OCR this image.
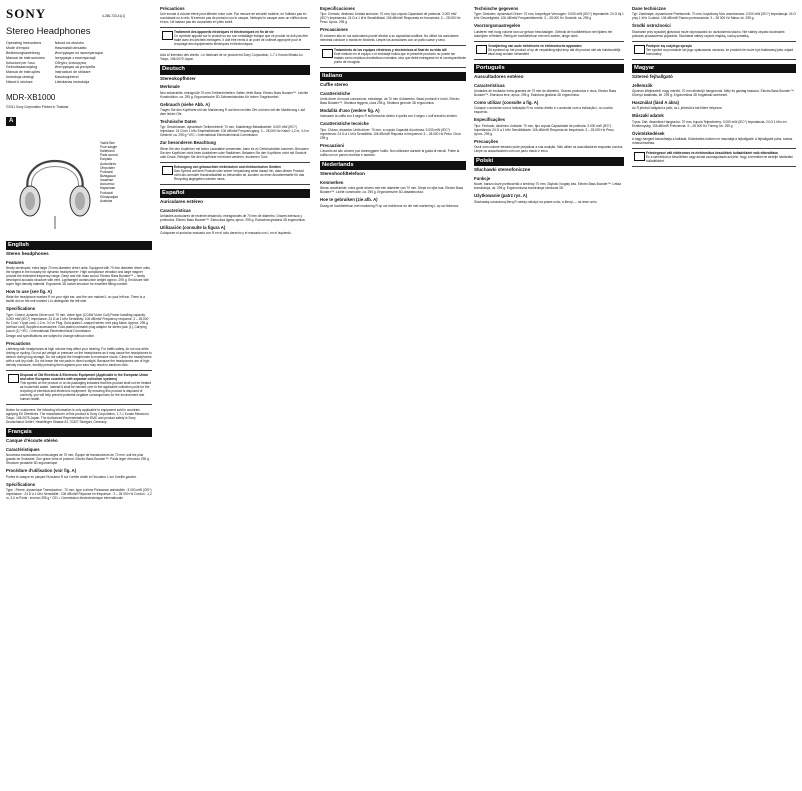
SONY	4-266-733-41(1)
Stereo Headphones
Operating Instructions
Mode d'emploi
Bedienungsanleitung
Manual de instrucciones
Istruzioni per l'uso
Gebruiksaanwijzing
Manual de instruções
Instrukcja obsługi
Návod k obsluze
Návod na obsluhu
Használati útmutató
Инструкция по эксплуатации
Інструкція з експлуатації
Οδηγίες λειτουργίας
Инструкция за употреба
Instrucțiuni de utilizare
Kasutusjuhend
Lietošanas instrukcija
MDR-XB1000
©2011 Sony Corporation Printed in Thailand
A
Yazlık Bez
Pour sangle
Halteband
Pads acoust.
Earpads
Auriculares
Ohrpolster
Poduszki
Вкладыши
Чашечки
Ακουστικό
Наушники
Poduszki
Kõrvapadjad
Austiņas
English
Stereo headphones
Features

Newly developed, extra large 70 mm diameter driver units. Equipped with 70 mm diameter driver units, the largest in the industry for dynamic headphones*. High compliance vibration and large magnet provide the extended frequency range. Deep and rich bass sound. Electro Bass Booster™ – newly developed acoustic structure with vent. Lightweight construction weight approx. 295 g. Enclosure with super high-density material. Ergonomic 3D swivel structure for excellent fitting comfort.

How to use (see fig. A)

Wear the headphone marked R on your right ear, and the one marked L on your left ear. There is a tactile dot on the unit marked L to distinguish the left side.

Specifications

Type: Closed, dynamic Driver unit: 70 mm, dome type (CCAW Voice Coil) Power handling capacity: 3,000 mW (IEC*) Impedance: 24 Ω at 1 kHz Sensitivity: 106 dB/mW Frequency response: 3 – 28,000 Hz Cord: Y-type cord, 1.2 m, 3.0 m Plug: Gold-plated L-shaped stereo mini plug Mass: Approx. 295 g (without cord) Supplied accessories: Gold-plated unimatch plug adaptor for stereo jack (1), Carrying pouch (1) * IEC = International Electrotechnical Commission

Design and specifications are subject to change without notice.

Precautions

Listening with headphones at high volume may affect your hearing. For traffic safety, do not use while driving or cycling. Do not put weight or pressure on the headphones as it may cause the headphones to deform during long storage. Do not subject the headphones to excessive shock. Clean the headphones with a soft dry cloth. Do not leave the ear pads in direct sunlight. Because the headphones are of high density enclosure, forcibly pressing them against your ears may result in eardrum click.

Disposal of Old Electrical & Electronic Equipment (Applicable in the European Union and other European countries with separate collection systems)

This symbol on the product or on its packaging indicates that this product shall not be treated as household waste. Instead it shall be handed over to the applicable collection point for the recycling of electrical and electronic equipment. By ensuring this product is disposed of correctly, you will help prevent potential negative consequences for the environment and human health.

Notice for customers: the following information is only applicable to equipment sold in countries applying EU Directives. The manufacturer of this product is Sony Corporation, 1-7-1 Konan Minato-ku Tokyo, 108-0075 Japan. The Authorized Representative for EMC and product safety is Sony Deutschland GmbH, Hedelfinger Strasse 61, 70327 Stuttgart, Germany.

Français
Casque d'écoute stéréo
Caractéristiques

Nouveaux transducteurs extra-larges de 70 mm. Équipé de transducteurs de 70 mm, soit les plus grands de l'industrie. Son grave riche et profond. Electro Bass Booster™. Poids léger d'environ 295 g. Structure pivotante 3D ergonomique.

Procédure d'utilisation (voir fig. A)

Portez le casque en plaçant l'écouteur R sur l'oreille droite et l'écouteur L sur l'oreille gauche.

Spécifications

Type : Fermé, dynamique Transducteur : 70 mm, type à dôme Puissance admissible : 3 000 mW (CEI*) Impédance : 24 Ω à 1 kHz Sensibilité : 106 dB/mW Réponse en fréquence : 3 – 28 000 Hz Cordon : 1,2 m, 3,0 m Poids : environ 295 g * CEI = Commission électrotechnique internationale

Précautions

Une écoute à volume élevé peut affecter votre ouïe. Par mesure de sécurité routière, ne l'utilisez pas en conduisant ou à vélo. N'exercez pas de pression sur le casque. Nettoyez le casque avec un chiffon doux et sec. Ne laissez pas les coussinets en plein soleil.

Traitement des appareils électriques et électroniques en fin de vie

Ce symbole apposé sur le produit ou sur son emballage indique que ce produit ne doit pas être traité avec les déchets ménagers. Il doit être remis à un point de collecte approprié pour le recyclage des équipements électriques et électroniques.

Avis à l'intention des clients : Le fabricant de ce produit est Sony Corporation, 1-7-1 Konan Minato-ku Tokyo, 108-0075 Japon.

Deutsch
Stereokopfhörer
Merkmale

Neu entwickelte, extragroße 70-mm-Treibereinheiten. Satter, tiefer Bass. Electro Bass Booster™. Leichte Konstruktion, ca. 295 g. Ergonomische 3D-Schwenkstruktur für hohen Tragekomfort.

Gebrauch (siehe Abb. A)

Tragen Sie den Kopfhörer mit der Markierung R auf dem rechten Ohr und den mit der Markierung L auf dem linken Ohr.

Technische Daten

Typ: Geschlossen, dynamisch Treibereinheit: 70 mm, Kalottentyp Belastbarkeit: 3.000 mW (IEC*) Impedanz: 24 Ω bei 1 kHz Empfindlichkeit: 106 dB/mW Frequenzgang: 3 – 28.000 Hz Kabel: 1,2 m, 3,0 m Gewicht: ca. 295 g * IEC = International Electrotechnical Commission

Zur besonderen Beachtung

Wenn Sie den Kopfhörer mit hoher Lautstärke verwenden, kann es zu Gehörschäden kommen. Benutzen Sie den Kopfhörer nicht beim Autofahren oder Radfahren. Belasten Sie den Kopfhörer nicht mit Gewicht oder Druck. Reinigen Sie den Kopfhörer mit einem weichen, trockenen Tuch.

Entsorgung von gebrauchten elektrischen und elektronischen Geräten

Das Symbol auf dem Produkt oder seiner Verpackung weist darauf hin, dass dieses Produkt nicht als normaler Haushaltsabfall zu behandeln ist, sondern an einer Annahmestelle für das Recycling abgegeben werden muss.

Español
Auriculares estéreo
Características

Unidades auriculares de reciente desarrollo, extragrandes de 70 mm de diámetro. Graves intensos y profundos. Electro Bass Booster™. Estructura ligera, aprox. 295 g. Estructura giratoria 3D ergonómica.

Utilización (consulte la figura A)

Colóquese el auricular marcado con R en el oído derecho y el marcado con L en el izquierdo.

Especificaciones

Tipo: Cerrado, dinámico Unidad auricular: 70 mm, tipo cúpula Capacidad de potencia: 3 000 mW (IEC*) Impedancia: 24 Ω a 1 kHz Sensibilidad: 106 dB/mW Respuesta en frecuencia: 3 – 28 000 Hz Peso: Aprox. 295 g

Precauciones

El volumen alto en los auriculares puede afectar a su capacidad auditiva. No utilice los auriculares mientras conduce o monta en bicicleta. Limpie los auriculares con un paño suave y seco.

Tratamiento de los equipos eléctricos y electrónicos al final de su vida útil

Este símbolo en el equipo o el embalaje indica que el presente producto no puede ser tratado como residuos domésticos normales, sino que debe entregarse en el correspondiente punto de recogida.

Italiano
Cuffie stereo
Caratteristiche

Unità driver di nuova concezione, extralarge, da 70 mm di diametro. Bassi profondi e ricchi. Electro Bass Booster™. Struttura leggera, circa 295 g. Struttura girevole 3D ergonomica.

Modalità d'uso (vedere fig. A)

Indossare la cuffia con il segno R sull'orecchio destro e quella con il segno L sull'orecchio sinistro.

Caratteristiche tecniche

Tipo: Chiuso, dinamico Unità driver: 70 mm, a cupola Capacità di potenza: 3.000 mW (IEC*) Impedenza: 24 Ω a 1 kHz Sensibilità: 106 dB/mW Risposta in frequenza: 3 – 28.000 Hz Peso: Circa 295 g

Precauzioni

L'ascolto ad alto volume può danneggiare l'udito. Non utilizzare durante la guida di veicoli. Pulire la cuffia con un panno morbido e asciutto.

Nederlands
Stereohoofdtelefoon
Kenmerken

Nieuw ontwikkelde, extra grote drivers met een diameter van 70 mm. Diepe en rijke bas. Electro Bass Booster™. Lichte constructie, ca. 295 g. Ergonomische 3D-draaistructuur.

Hoe te gebruiken (zie afb. A)

Draag de hoofdtelefoon met markering R op uw rechteroor en die met markering L op uw linkeroor.

Technische gegevens

Type: Gesloten, dynamisch Driver: 70 mm, koepeltype Vermogen: 3.000 mW (IEC*) Impedantie: 24 Ω bij 1 kHz Gevoeligheid: 106 dB/mW Frequentiebereik: 3 – 28.000 Hz Gewicht: ca. 295 g

Voorzorgsmaatregelen

Luisteren met hoog volume kan uw gehoor beschadigen. Gebruik de hoofdtelefoon niet tijdens het autorijden of fietsen. Reinig de hoofdtelefoon met een zachte, droge doek.

Verwijdering van oude elektrische en elektronische apparaten

Dit symbool op het product of op de verpakking wijst erop dat dit product niet als huishoudelijk afval mag worden behandeld.

Português
Auscultadores estéreo
Características

Unidades de excitador extra-grandes de 70 mm de diâmetro. Graves profundos e ricos. Electro Bass Booster™. Estrutura leve, aprox. 295 g. Estrutura giratória 3D ergonómica.

Como utilizar (consulte a fig. A)

Coloque o auricular com a indicação R no ouvido direito e o auricular com a indicação L no ouvido esquerdo.

Especificações

Tipo: Fechado, dinâmico Unidade: 70 mm, tipo cúpula Capacidade de potência: 3.000 mW (IEC*) Impedância: 24 Ω a 1 kHz Sensibilidade: 106 dB/mW Resposta de frequência: 3 – 28.000 Hz Peso: Aprox. 295 g

Precauções

Ouvir com volume elevado pode prejudicar a sua audição. Não utilize os auscultadores enquanto conduz. Limpe os auscultadores com um pano macio e seco.

Polski
Słuchawki stereofoniczne
Funkcje

Nowe, bardzo duże przetworniki o średnicy 70 mm. Głęboki i bogaty bas. Electro Bass Booster™. Lekka konstrukcja, ok. 295 g. Ergonomiczna konstrukcja obrotowa 3D.

Użytkowanie (patrz rys. A)

Słuchawkę oznaczoną literą R należy nałożyć na prawe ucho, a literą L – na lewe ucho.

Dane techniczne

Typ: Zamknięte, dynamiczne Przetwornik: 70 mm, kopułkowy Moc znamionowa: 3 000 mW (IEC*) Impedancja: 24 Ω przy 1 kHz Czułość: 106 dB/mW Pasmo przenoszenia: 3 – 28 000 Hz Masa: ok. 295 g

Środki ostrożności

Słuchanie przy wysokiej głośności może doprowadzić do uszkodzenia słuchu. Nie należy używać słuchawek podczas prowadzenia pojazdów. Słuchawki należy czyścić miękką, suchą szmatką.

Pozbycie się zużytego sprzętu

Ten symbol na produkcie lub jego opakowaniu oznacza, że produkt nie może być traktowany jako odpad komunalny.

Magyar
Sztereó fejhallgató
Jellemzők

Újonnan kifejlesztett, nagy méretű, 70 mm átmérőjű hangszórók. Mély és gazdag basszus. Electro Bass Booster™. Könnyű kialakítás, kb. 295 g. Ergonomikus 3D forgatható szerkezet.

Használat (lásd A ábra)

Az R jelzésű hallgatót a jobb, az L jelzésűt a bal fülére helyezze.

Műszaki adatok

Típus: Zárt, dinamikus Hangszóró: 70 mm, kupola Teljesítmény: 3 000 mW (IEC*) Impedancia: 24 Ω 1 kHz-en Érzékenység: 106 dB/mW Frekvencia: 3 – 28 000 Hz Tömeg: kb. 295 g

Óvintézkedések

A nagy hangerő károsíthatja a hallását. Közlekedés közben ne használja a fejhallgatót. A fejhallgatót puha, száraz ruhával tisztítsa.

Feleslegessé vált elektromos és elektronikus készülékek hulladékként való eltávolítása

Ez a szimbólum a készüléken vagy annak csomagolásán azt jelzi, hogy a terméket ne kezelje háztartási hulladékként.
